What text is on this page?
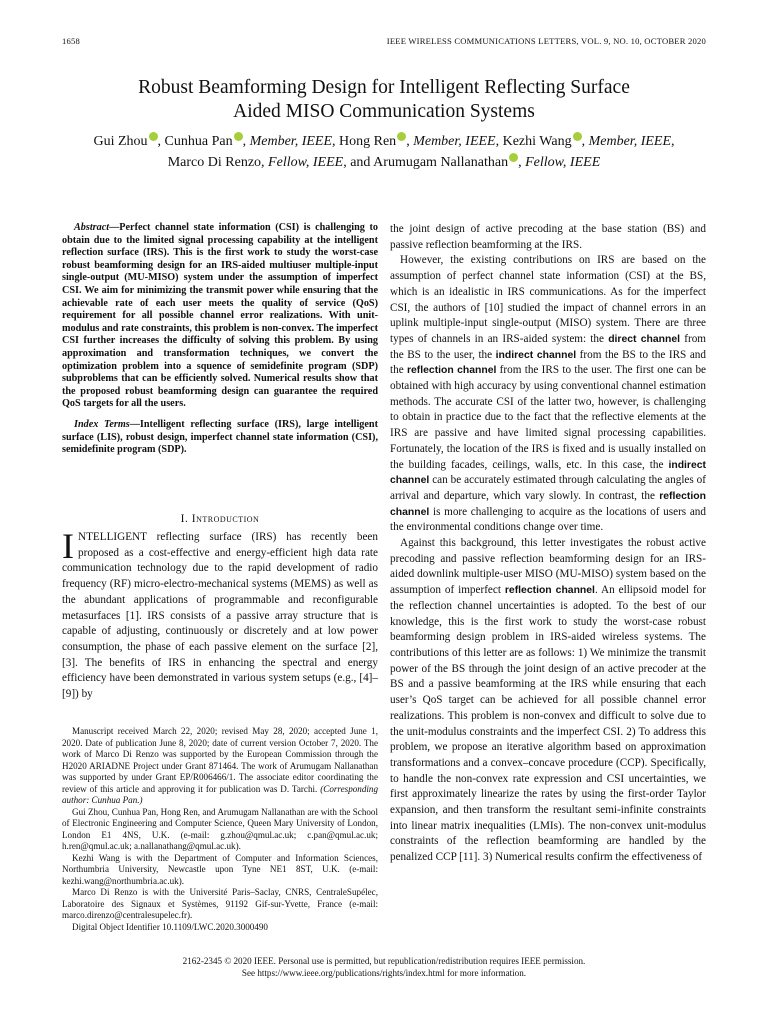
1658	IEEE WIRELESS COMMUNICATIONS LETTERS, VOL. 9, NO. 10, OCTOBER 2020
Robust Beamforming Design for Intelligent Reflecting Surface
Aided MISO Communication Systems
Gui Zhou , Cunhua Pan , Member, IEEE, Hong Ren , Member, IEEE, Kezhi Wang , Member, IEEE,
Marco Di Renzo, Fellow, IEEE, and Arumugam Nallanathan , Fellow, IEEE

Abstract—Perfect channel state information (CSI) is challenging to obtain due to the limited signal processing capability at the intelligent reflection surface (IRS). This is the first work to study the worst-case robust beamforming design for an IRS-aided multiuser multiple-input single-output (MU-MISO) system under the assumption of imperfect CSI. We aim for minimizing the transmit power while ensuring that the achievable rate of each user meets the quality of service (QoS) requirement for all possible channel error realizations. With unit-modulus and rate constraints, this problem is non-convex. The imperfect CSI further increases the difficulty of solving this problem. By using approximation and transformation techniques, we convert the optimization problem into a squence of semidefinite program (SDP) subproblems that can be efficiently solved. Numerical results show that the proposed robust beamforming design can guarantee the required QoS targets for all the users.

Index Terms—Intelligent reflecting surface (IRS), large intelligent surface (LIS), robust design, imperfect channel state information (CSI), semidefinite program (SDP).

I. Introduction
INTELLIGENT reflecting surface (IRS) has recently been proposed as a cost-effective and energy-efficient high data rate communication technology due to the rapid development of radio frequency (RF) micro-electro-mechanical systems (MEMS) as well as the abundant applications of programmable and reconfigurable metasurfaces [1]. IRS consists of a passive array structure that is capable of adjusting, continuously or discretely and at low power consumption, the phase of each passive element on the surface [2], [3]. The benefits of IRS in enhancing the spectral and energy efficiency have been demonstrated in various system setups (e.g., [4]–[9]) by

Manuscript received March 22, 2020; revised May 28, 2020; accepted June 1, 2020. Date of publication June 8, 2020; date of current version October 7, 2020. The work of Marco Di Renzo was supported by the European Commission through the H2020 ARIADNE Project under Grant 871464. The work of Arumugam Nallanathan was supported by under Grant EP/R006466/1. The associate editor coordinating the review of this article and approving it for publication was D. Tarchi. (Corresponding author: Cunhua Pan.)

Gui Zhou, Cunhua Pan, Hong Ren, and Arumugam Nallanathan are with the School of Electronic Engineering and Computer Science, Queen Mary University of London, London E1 4NS, U.K. (e-mail: g.zhou@qmul.ac.uk; c.pan@qmul.ac.uk; h.ren@qmul.ac.uk; a.nallanathang@qmul.ac.uk).

Kezhi Wang is with the Department of Computer and Information Sciences, Northumbria University, Newcastle upon Tyne NE1 8ST, U.K. (e-mail: kezhi.wang@northumbria.ac.uk).

Marco Di Renzo is with the Université Paris–Saclay, CNRS, CentraleSupélec, Laboratoire des Signaux et Systèmes, 91192 Gif-sur-Yvette, France (e-mail: marco.direnzo@centralesupelec.fr).

Digital Object Identifier 10.1109/LWC.2020.3000490

the joint design of active precoding at the base station (BS) and passive reflection beamforming at the IRS.

However, the existing contributions on IRS are based on the assumption of perfect channel state information (CSI) at the BS, which is an idealistic in IRS communications. As for the imperfect CSI, the authors of [10] studied the impact of channel errors in an uplink multiple-input single-output (MISO) system. There are three types of channels in an IRS-aided system: the direct channel from the BS to the user, the indirect channel from the BS to the IRS and the reflection channel from the IRS to the user. The first one can be obtained with high accuracy by using conventional channel estimation methods. The accurate CSI of the latter two, however, is challenging to obtain in practice due to the fact that the reflective elements at the IRS are passive and have limited signal processing capabilities. Fortunately, the location of the IRS is fixed and is usually installed on the building facades, ceilings, walls, etc. In this case, the indirect channel can be accurately estimated through calculating the angles of arrival and departure, which vary slowly. In contrast, the reflection channel is more challenging to acquire as the locations of users and the environmental conditions change over time.

Against this background, this letter investigates the robust active precoding and passive reflection beamforming design for an IRS-aided downlink multiple-user MISO (MU-MISO) system based on the assumption of imperfect reflection channel. An ellipsoid model for the reflection channel uncertainties is adopted. To the best of our knowledge, this is the first work to study the worst-case robust beamforming design problem in IRS-aided wireless systems. The contributions of this letter are as follows: 1) We minimize the transmit power of the BS through the joint design of an active precoder at the BS and a passive beamforming at the IRS while ensuring that each user’s QoS target can be achieved for all possible channel error realizations. This problem is non-convex and difficult to solve due to the unit-modulus constraints and the imperfect CSI. 2) To address this problem, we propose an iterative algorithm based on approximation transformations and a convex–concave procedure (CCP). Specifically, to handle the non-convex rate expression and CSI uncertainties, we first approximately linearize the rates by using the first-order Taylor expansion, and then transform the resultant semi-infinite constraints into linear matrix inequalities (LMIs). The non-convex unit-modulus constraints of the reflection beamforming are handled by the penalized CCP [11]. 3) Numerical results confirm the effectiveness of

2162-2345 © 2020 IEEE. Personal use is permitted, but republication/redistribution requires IEEE permission.
See https://www.ieee.org/publications/rights/index.html for more information.
